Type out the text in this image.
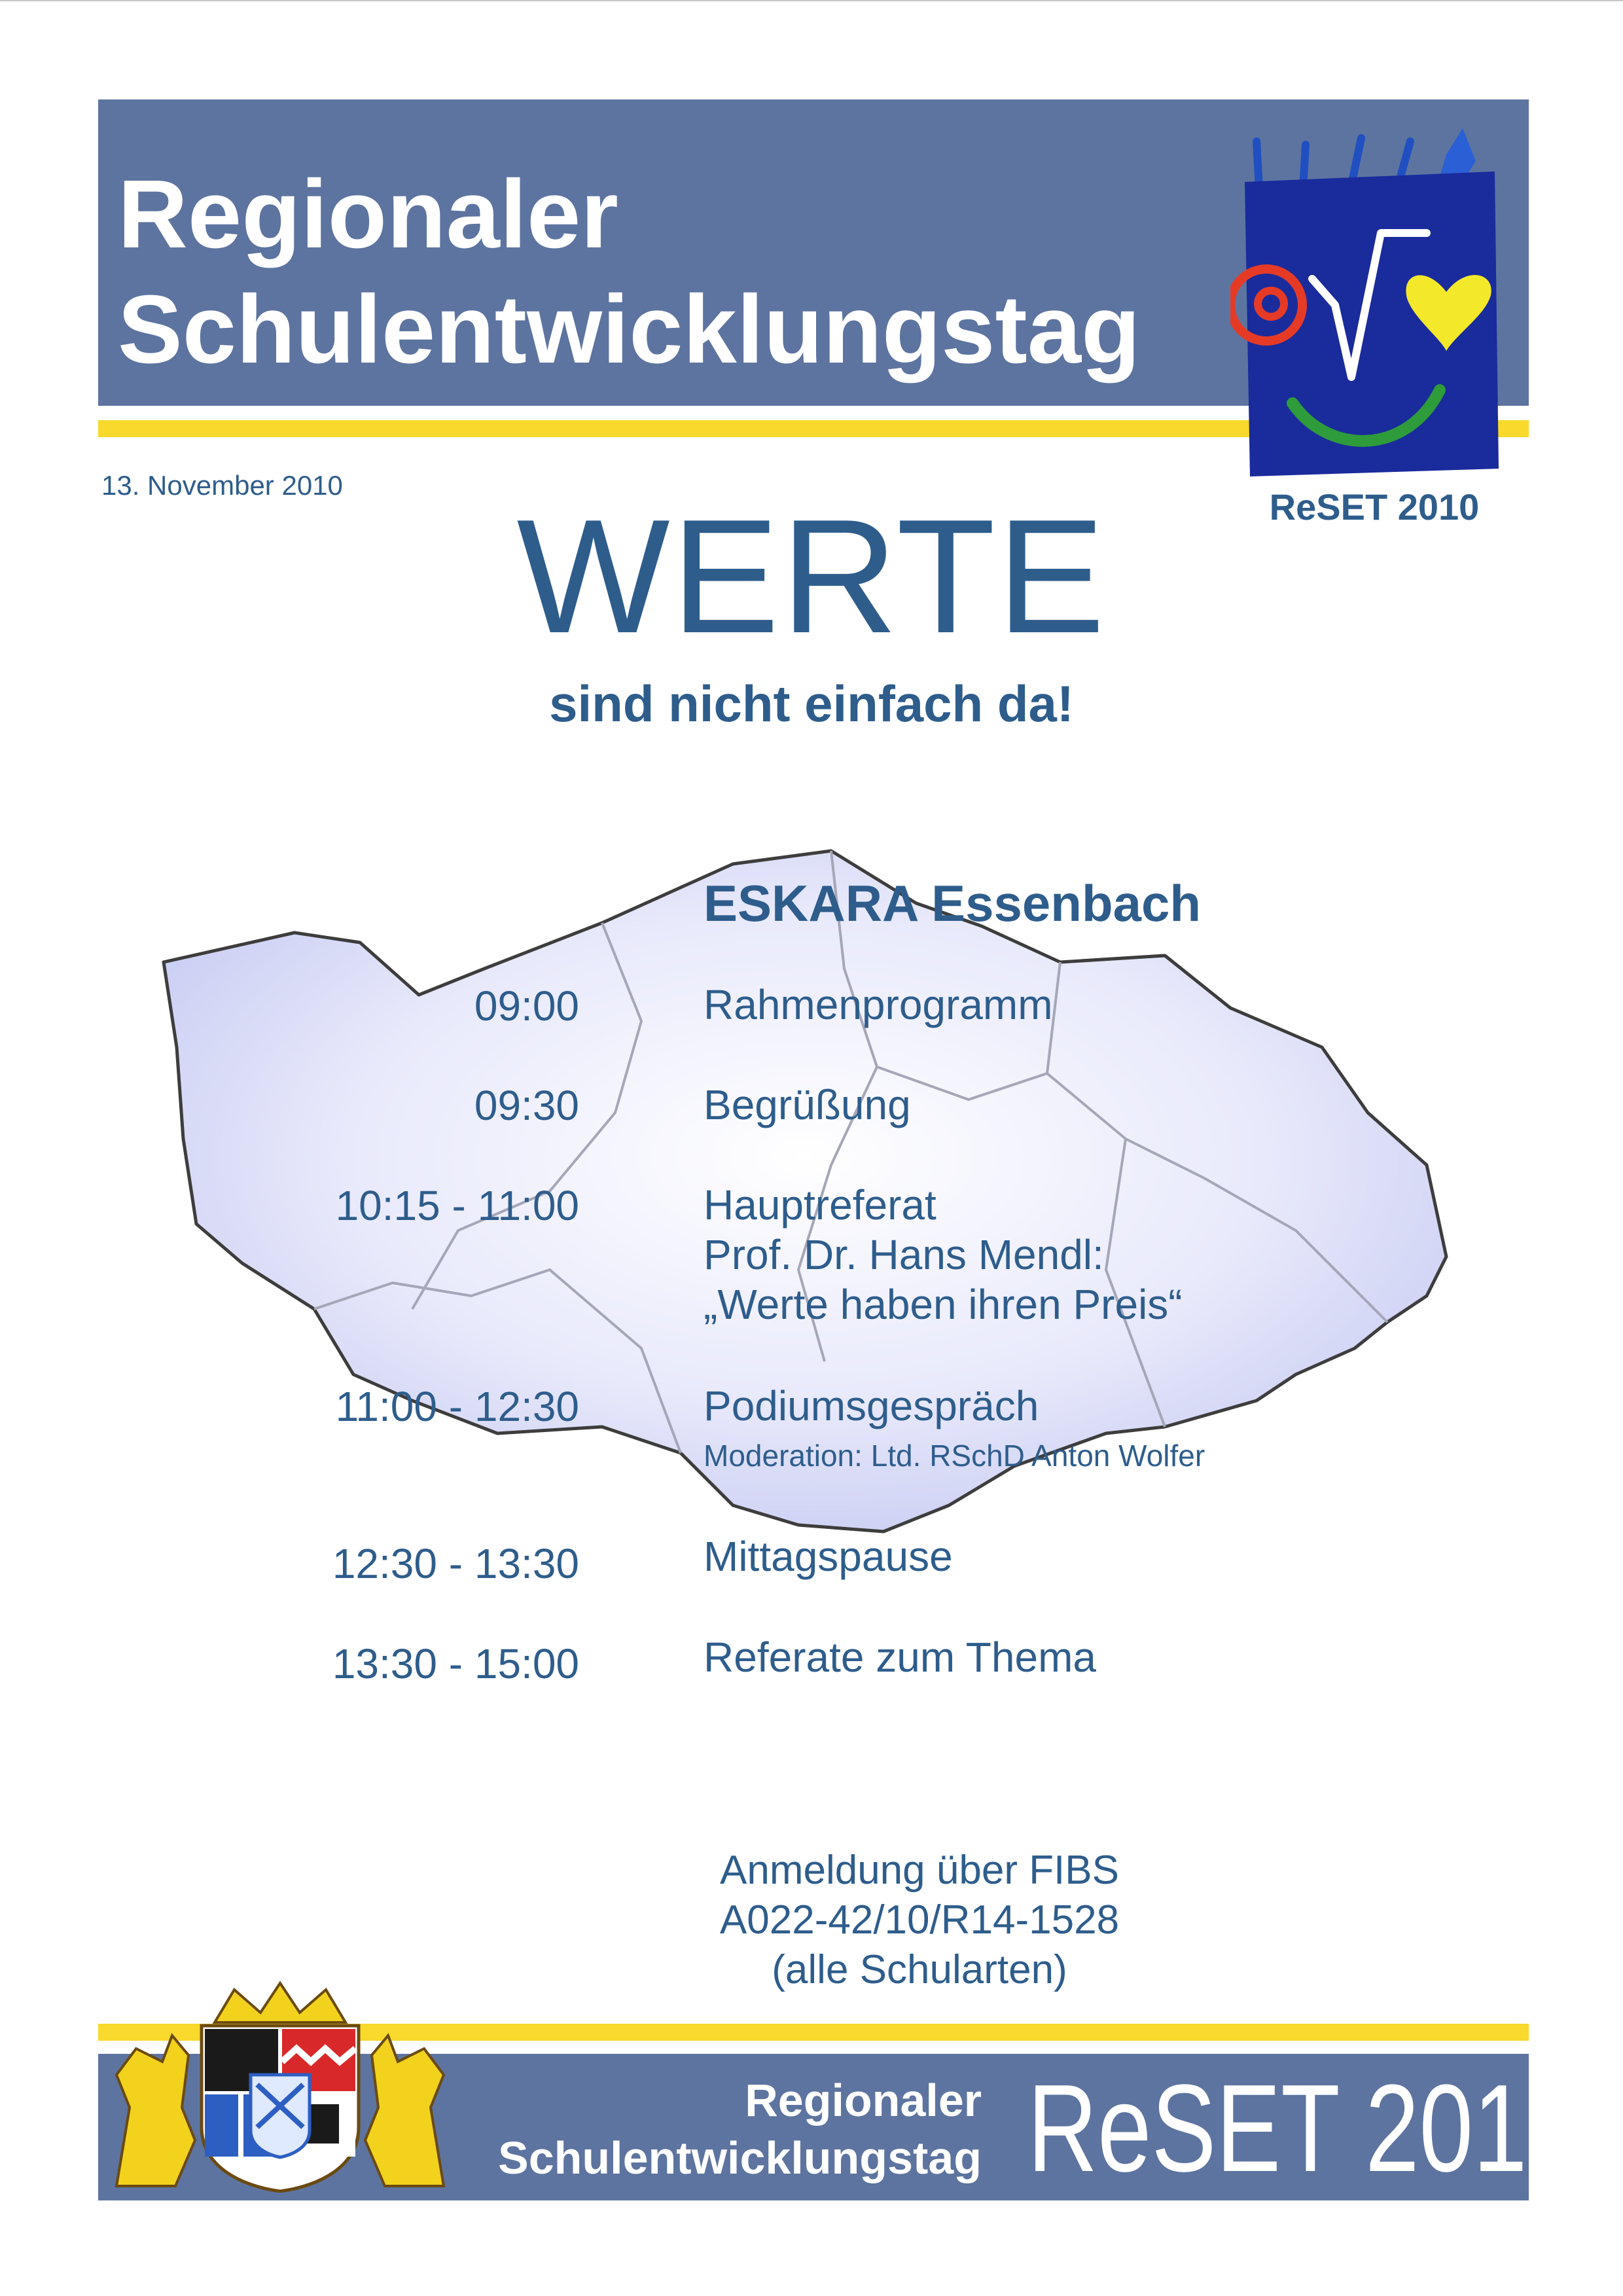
Regionaler
Schulentwicklungstag
13. November 2010
ReSET 2010
WERTE
sind nicht einfach da!
ESKARA Essenbach
09:00	Rahmenprogramm
09:30	Begrüßung
10:15 - 11:00	Hauptreferat
Prof. Dr. Hans Mendl:
„Werte haben ihren Preis“
11:00 - 12:30	Podiumsgespräch
Moderation: Ltd. RSchD Anton Wolfer
12:30 - 13:30	Mittagspause
13:30 - 15:00	Referate zum Thema
Anmeldung über FIBS
A022-42/10/R14-1528
(alle Schularten)
Regionaler
Schulentwicklungstag ReSET 2010
